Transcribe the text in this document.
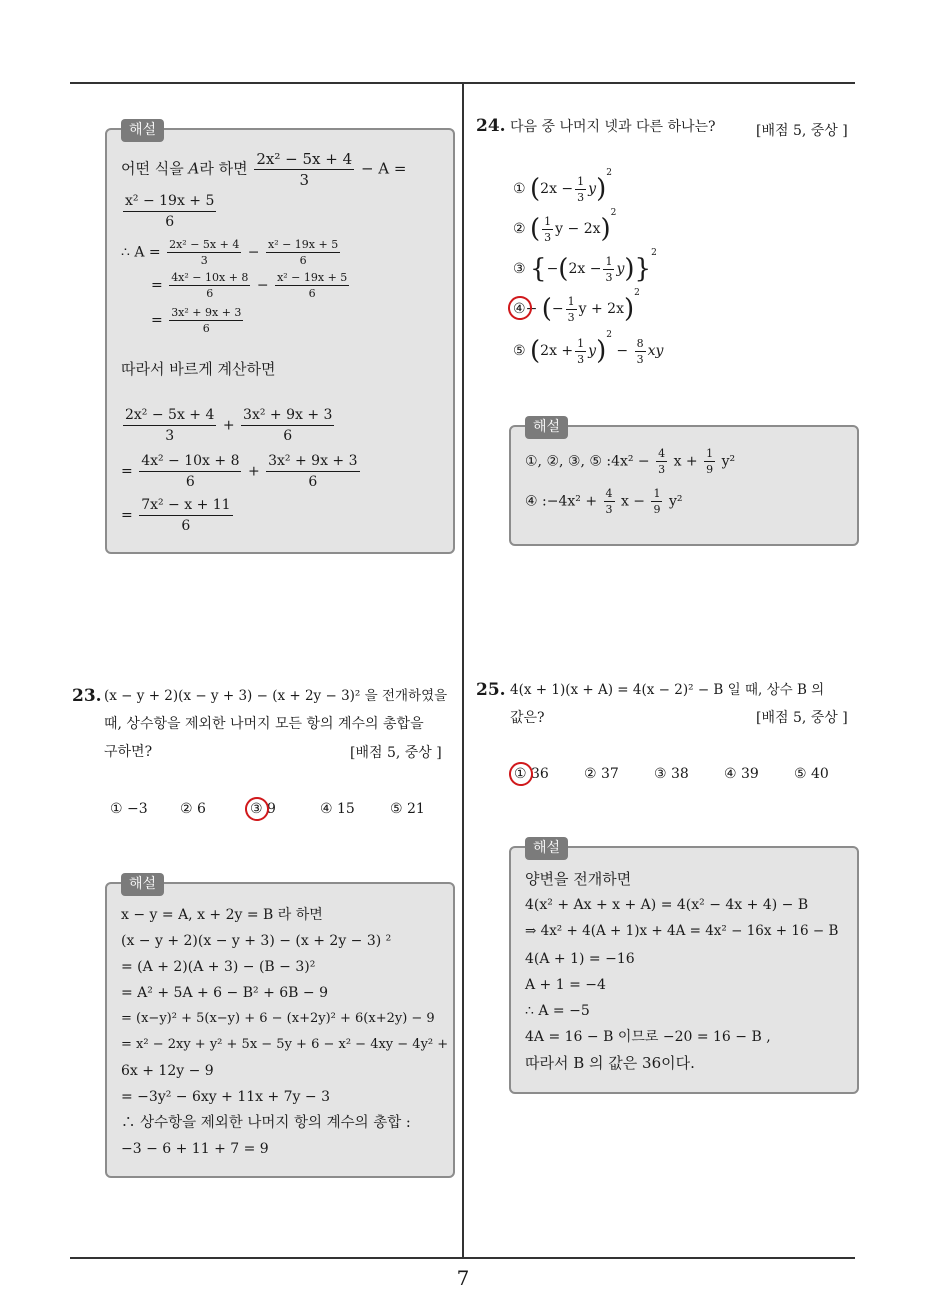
7
해설
어떤 식을 A라 하면 $\frac{\text{2x² − 5x + 4}}{3} - A$ =
$\frac{\text{x² − 19x + 5}}{6}$
∴ $A = \frac{\text{2x² − 5x + 4}}{3} - \frac{\text{x² − 19x + 5}}{6}$
= $\frac{\text{4x² − 10x + 8}}{6} - \frac{\text{x² − 19x + 5}}{6}$
= $\frac{\text{3x² + 9x + 3}}{6}$
따라서 바르게 계산하면
$\frac{\text{2x² − 5x + 4}}{3} + \frac{\text{3x² + 9x + 3}}{6}$
= $\frac{\text{4x² − 10x + 8}}{6} + \frac{\text{3x² + 9x + 3}}{6}$
= $\frac{\text{7x² − x + 11}}{6}$
23. (x − y + 2)(x − y + 3) − (x + 2y − 3)² 을 전개하였을
때, 상수항을 제외한 나머지 모든 항의 계수의 총합을
구하면?	[배점 5, 중상 ]
① −3 ② 6	③ 9	④ 15	⑤ 21
해설
x − y = A, x + 2y = B 라 하면
(x − y + 2)(x − y + 3) − (x + 2y − 3) ²
= (A + 2)(A + 3) − (B − 3)²
= A² + 5A + 6 − B² + 6B − 9
= (x−y)² + 5(x−y) + 6 − (x+2y)² + 6(x+2y) − 9
= x² − 2xy + y² + 5x − 5y + 6 − x² − 4xy − 4y² +
6x + 12y − 9
= −3y² − 6xy + 11x + 7y − 3
∴ 상수항을 제외한 나머지 항의 계수의 총합 :
−3 − 6 + 11 + 7 = 9
24. 다음 중 나머지 넷과 다른 하나는?	[배점 5, 중상 ]
① $(2x - \frac{1}{3} y)^2$
② ( $\frac{1}{3}$ y − 2x)$^2$
③ $\{-(2x - \frac{1}{3} y)\}^2$
④− (− $\frac{1}{3}$ y + 2x)$^2$
⑤ $(2x + \frac{1}{3} y)^2 - \frac{8}{3}$ xy
해설
①, ②, ③, ⑤ :4x² − $\frac{4}{3}$ $x + \frac{1}{9} y^2$
④ :−4x² + $\frac{4}{3}$ $x - \frac{1}{9} y^2$
25. 4(x + 1)(x + A) = 4(x − 2)² − B 일 때, 상수 B 의
값은?	[배점 5, 중상 ]
① 36	② 37	③ 38	④ 39	⑤ 40
해설
양변을 전개하면
4(x² + Ax + x + A) = 4(x² − 4x + 4) − B
⇒ 4x² + 4(A + 1)x + 4A = 4x² − 16x + 16 − B
4(A + 1) = −16
A + 1 = −4
∴ A = −5
4A = 16 − B 이므로 −20 = 16 − B ,
따라서 B 의 값은 36이다.
